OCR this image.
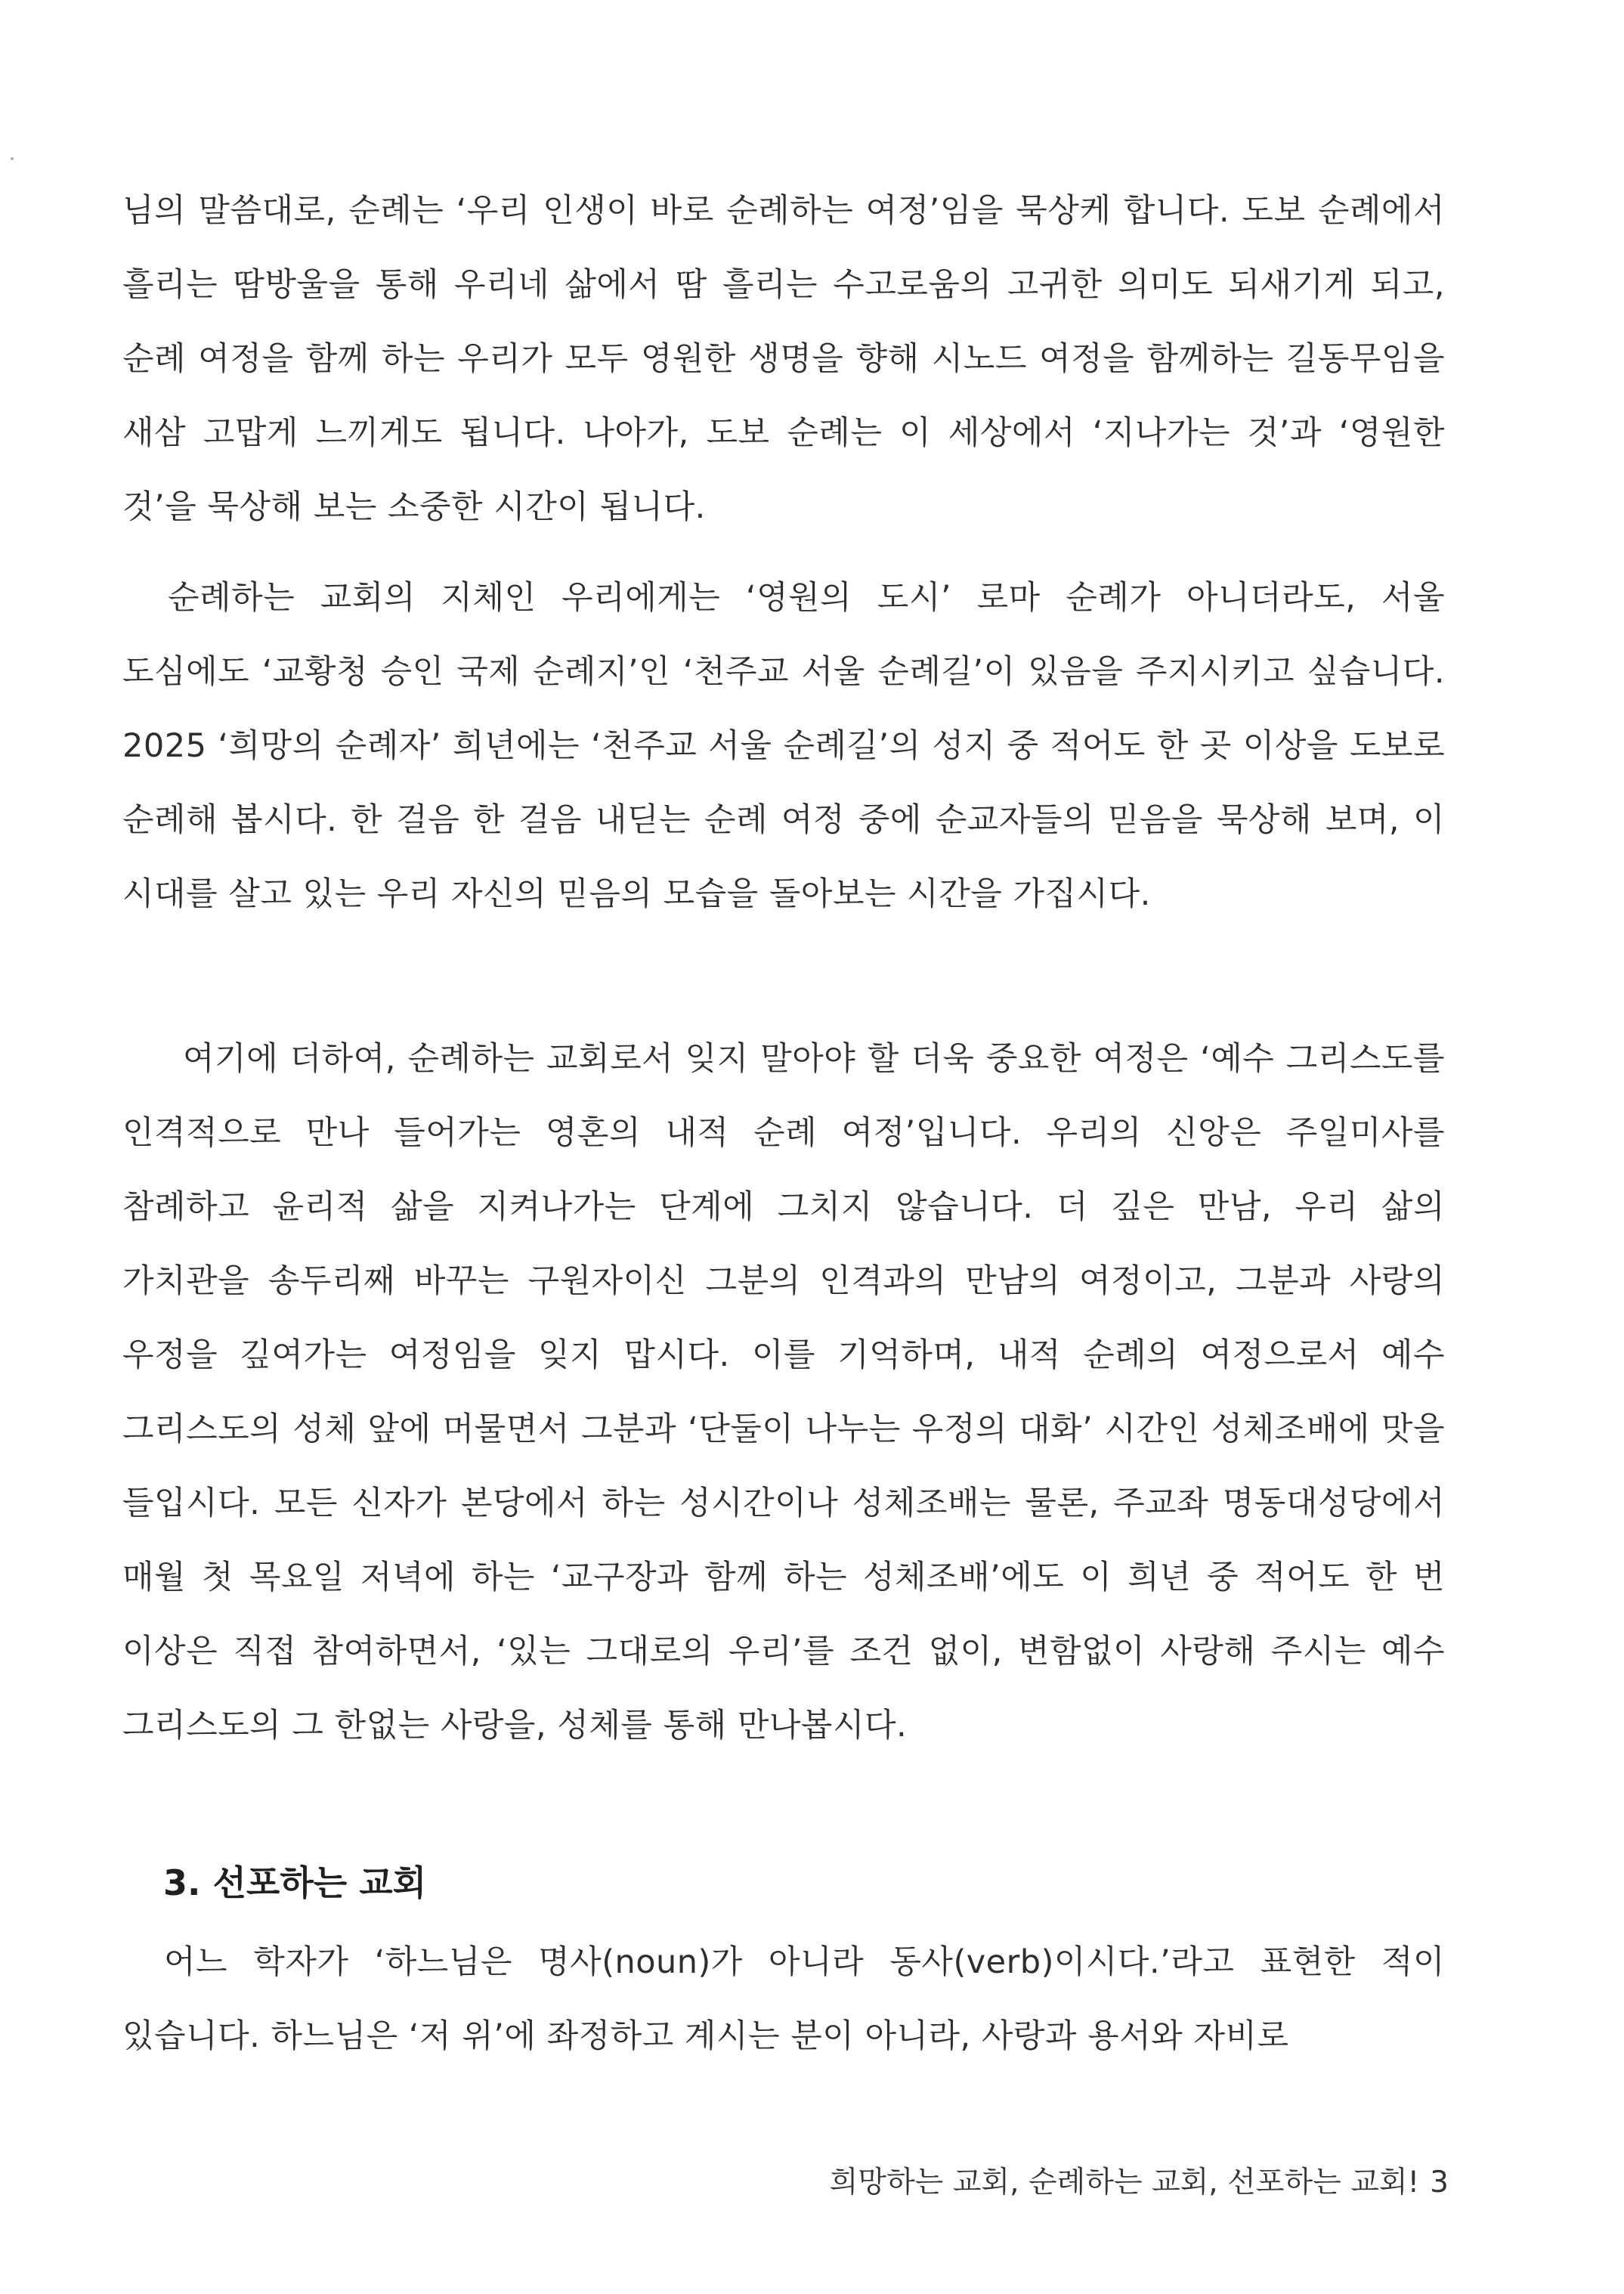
님의 말씀대로, 순례는 ‘우리 인생이 바로 순례하는 여정’임을 묵상케 합니다. 도보 순례에서 흘리는 땀방울을 통해 우리네 삶에서 땀 흘리는 수고로움의 고귀한 의미도 되새기게 되고, 순례 여정을 함께 하는 우리가 모두 영원한 생명을 향해 시노드 여정을 함께하는 길동무임을 새삼 고맙게 느끼게도 됩니다. 나아가, 도보 순례는 이 세상에서 ‘지나가는 것’과 ‘영원한 것’을 묵상해 보는 소중한 시간이 됩니다.

순례하는 교회의 지체인 우리에게는 ‘영원의 도시’ 로마 순례가 아니더라도, 서울 도심에도 ‘교황청 승인 국제 순례지’인 ‘천주교 서울 순례길’이 있음을 주지시키고 싶습니다. 2025 ‘희망의 순례자’ 희년에는 ‘천주교 서울 순례길’의 성지 중 적어도 한 곳 이상을 도보로 순례해 봅시다. 한 걸음 한 걸음 내딛는 순례 여정 중에 순교자들의 믿음을 묵상해 보며, 이 시대를 살고 있는 우리 자신의 믿음의 모습을 돌아보는 시간을 가집시다.

여기에 더하여, 순례하는 교회로서 잊지 말아야 할 더욱 중요한 여정은 ‘예수 그리스도를 인격적으로 만나 들어가는 영혼의 내적 순례 여정’입니다. 우리의 신앙은 주일미사를 참례하고 윤리적 삶을 지켜나가는 단계에 그치지 않습니다. 더 깊은 만남, 우리 삶의 가치관을 송두리째 바꾸는 구원자이신 그분의 인격과의 만남의 여정이고, 그분과 사랑의 우정을 깊여가는 여정임을 잊지 맙시다. 이를 기억하며, 내적 순례의 여정으로서 예수 그리스도의 성체 앞에 머물면서 그분과 ‘단둘이 나누는 우정의 대화’ 시간인 성체조배에 맛을 들입시다. 모든 신자가 본당에서 하는 성시간이나 성체조배는 물론, 주교좌 명동대성당에서 매월 첫 목요일 저녁에 하는 ‘교구장과 함께 하는 성체조배’에도 이 희년 중 적어도 한 번 이상은 직접 참여하면서, ‘있는 그대로의 우리’를 조건 없이, 변함없이 사랑해 주시는 예수 그리스도의 그 한없는 사랑을, 성체를 통해 만나봅시다.

3. 선포하는 교회

어느 학자가 ‘하느님은 명사(noun)가 아니라 동사(verb)이시다.’라고 표현한 적이 있습니다. 하느님은 ‘저 위’에 좌정하고 계시는 분이 아니라, 사랑과 용서와 자비로

희망하는 교회, 순례하는 교회, 선포하는 교회! 3
